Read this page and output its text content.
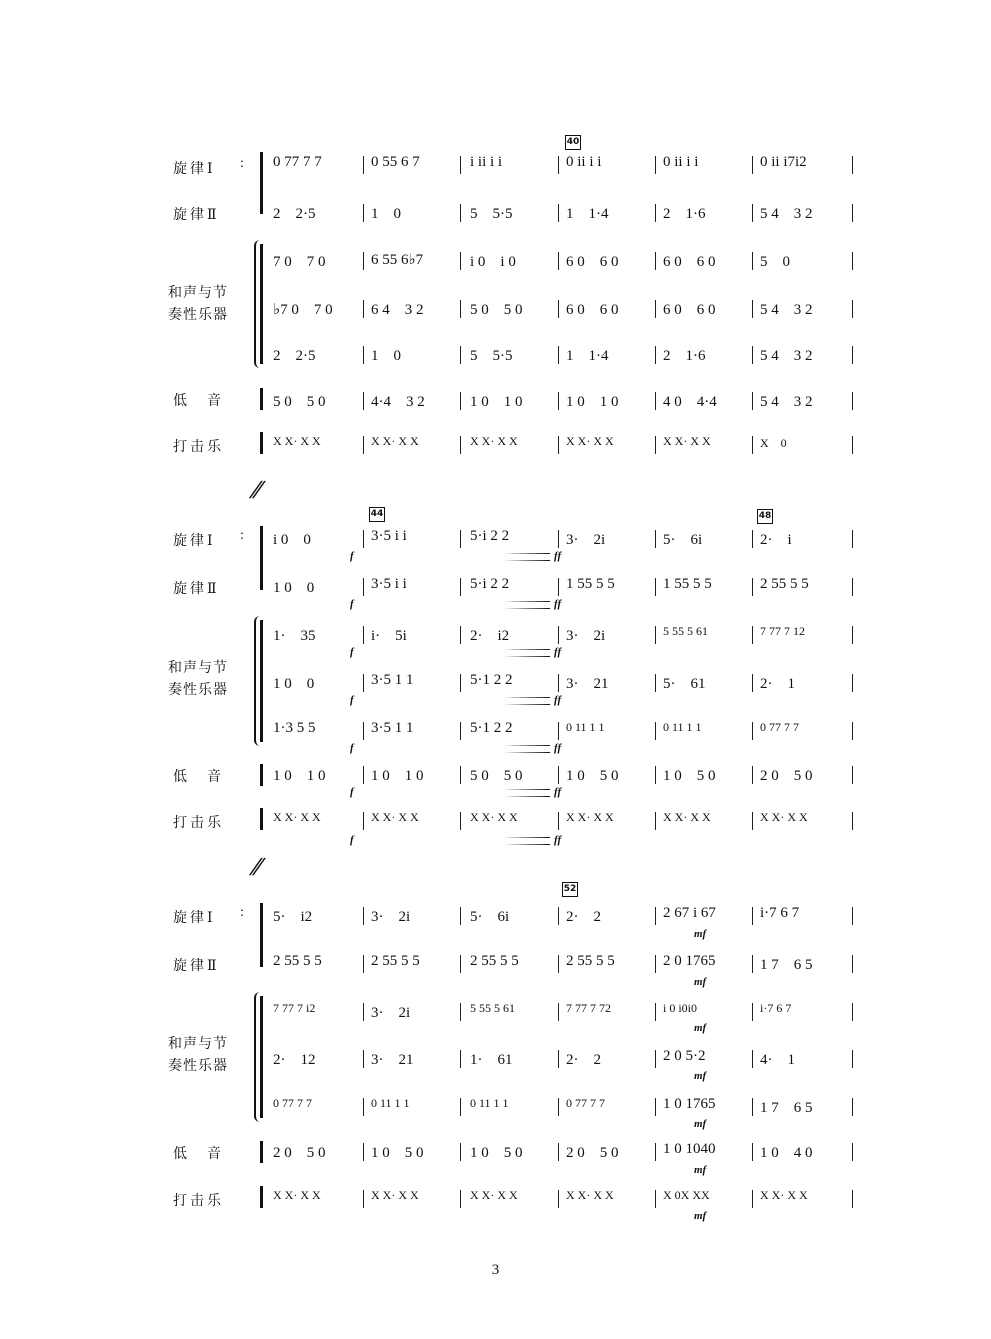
40
旋律Ⅰ :
旋律Ⅱ
和声与节
奏性乐器
低　音
打击乐
0 77 7 7	0 55 6 7	i ii i i	0 ii i i	0 ii i i	0 ii i7i2
2　2·5	1　0	5　5·5	1　1·4	2　1·6	5 4　3 2
7 0　7 0	6 55 6♭7	i 0　i 0	6 0　6 0	6 0　6 0	5　0
♭7 0　7 0	6 4　3 2	5 0　5 0	6 0　6 0	6 0　6 0	5 4　3 2
2　2·5	1　0	5　5·5	1　1·4	2　1·6	5 4　3 2
5 0　5 0	4·4　3 2	1 0　1 0	1 0　1 0	4 0　4·4	5 4　3 2
X X· X X	X X· X X	X X· X X	X X· X X	X X· X X	X　0
//
44	48
旋律Ⅰ :
旋律Ⅱ
和声与节
奏性乐器
低　音
打击乐
i 0　0	3·5 i i	5·i 2 2	3·　2i	5·　6i	2·　i
f	ff
1 0　0	3·5 i i	5·i 2 2	1 55 5 5	1 55 5 5	2 55 5 5
f	ff
1·　35	i·　5i	2·　i2	3·　2i	5 55 5 61	7 77 7 12
f	ff
1 0　0	3·5 1 1	5·1 2 2	3·　21	5·　61	2·　1
f	ff
1·3 5 5	3·5 1 1	5·1 2 2	0 11 1 1	0 11 1 1	0 77 7 7
f	ff
1 0　1 0	1 0　1 0	5 0　5 0	1 0　5 0	1 0　5 0	2 0　5 0
f	ff
X X· X X	X X· X X	X X· X X	X X· X X	X X· X X	X X· X X
f	ff
//
52
旋律Ⅰ :
旋律Ⅱ
和声与节
奏性乐器
低　音
打击乐
5·　i2	3·　2i	5·　6i	2·　2	2 67 i 67	i·7 6 7
mf
2 55 5 5	2 55 5 5	2 55 5 5	2 55 5 5	2 0 1765	1 7　6 5
mf
7 77 7 i2	3·　2i	5 55 5 61	7 77 7 72	i 0 i0i0	i·7 6 7
mf
2·　12	3·　21	1·　61	2·　2	2 0 5·2	4·　1
mf
0 77 7 7	0 11 1 1	0 11 1 1	0 77 7 7	1 0 1765	1 7　6 5
mf
2 0　5 0	1 0　5 0	1 0　5 0	2 0　5 0	1 0 1040	1 0　4 0
mf
X X· X X	X X· X X	X X· X X	X X· X X	X 0X XX	X X· X X
mf
3
